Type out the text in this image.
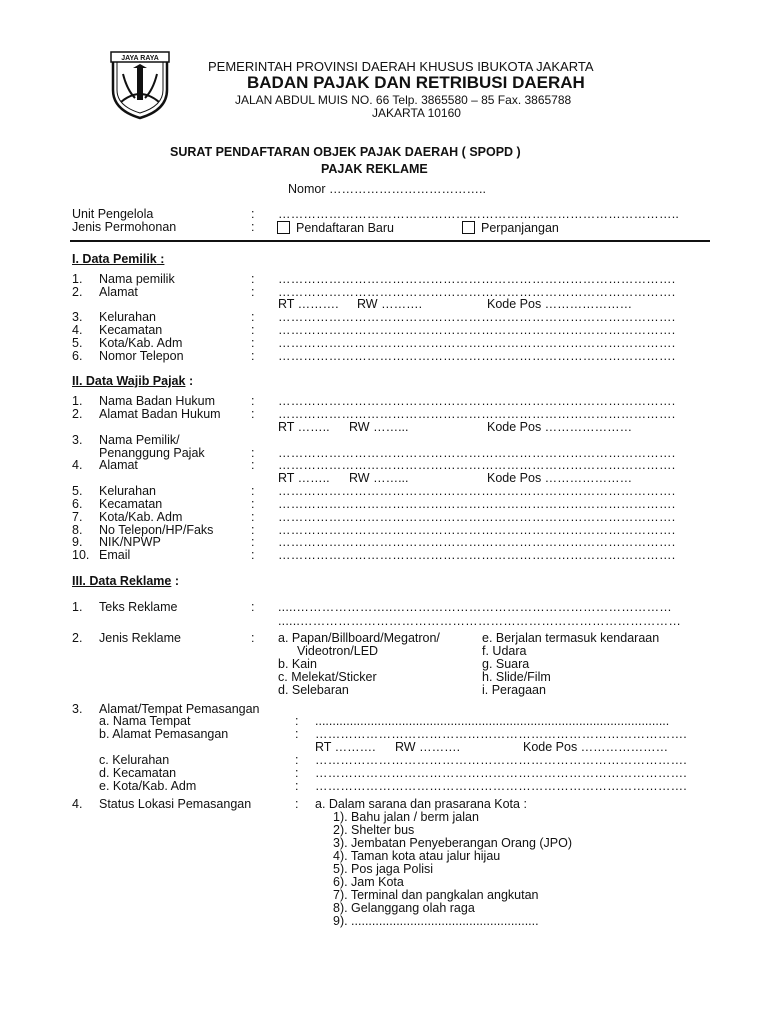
JAYA RAYA
PEMERINTAH PROVINSI DAERAH KHUSUS IBUKOTA JAKARTA
BADAN PAJAK DAN RETRIBUSI DAERAH
JALAN ABDUL MUIS NO. 66 Telp. 3865580 – 85 Fax. 3865788
JAKARTA 10160
SURAT PENDAFTARAN OBJEK PAJAK DAERAH ( SPOPD )
PAJAK REKLAME
Nomor ………………………………..
Unit Pengelola	: …………………………………………………………………………………..
Jenis Permohonan	:	Pendaftaran Baru	Perpanjangan
I. Data Pemilik :
1. Nama pemilik	: ………………………………………………………………………………….
2. Alamat	: ………………………………………………………………………………….
RT ………. RW ……….	Kode Pos …………………
3. Kelurahan	: ………………………………………………………………………………….
4. Kecamatan	: ………………………………………………………………………………….
5. Kota/Kab. Adm	: ………………………………………………………………………………….
6. Nomor Telepon	: ………………………………………………………………………………….
II. Data Wajib Pajak :
1. Nama Badan Hukum	: ………………………………………………………………………………….
2. Alamat Badan Hukum : ………………………………………………………………………………….
RT …….. RW ……...	Kode Pos …………………
3. Nama Pemilik/
Penanggung Pajak	: ………………………………………………………………………………….
4. Alamat	: ………………………………………………………………………………….
RT …….. RW ……...	Kode Pos …………………
5. Kelurahan	: ………………………………………………………………………………….
6. Kecamatan	: ………………………………………………………………………………….
7. Kota/Kab. Adm	: ………………………………………………………………………………….
8. No Telepon/HP/Faks	: ………………………………………………………………………………….
9. NIK/NPWP	: ………………………………………………………………………………….
10. Email	: ………………………………………………………………………………….
III. Data Reklame :
1. Teks Reklame	: .....…………………..…………………………………………………………
......………………………………………………………………………………
2. Jenis Reklame	: a. Papan/Billboard/Megatron/
Videotron/LED
b. Kain
c. Melekat/Sticker
d. Selebaran
e. Berjalan termasuk kendaraan
f. Udara
g. Suara
h. Slide/Film
i. Peragaan
3. Alamat/Tempat Pemasangan
a. Nama Tempat	: ......................................................................................................
b. Alamat Pemasangan	: …………………………………………………………………………….
RT ………. RW ……….	Kode Pos …………………
c. Kelurahan	: …………………………………………………………………………….
d. Kecamatan	: …………………………………………………………………………….
e. Kota/Kab. Adm	: …………………………………………………………………………….
4. Status Lokasi Pemasangan	: a. Dalam sarana dan prasarana Kota :
1). Bahu jalan / berm jalan
2). Shelter bus
3). Jembatan Penyeberangan Orang (JPO)
4). Taman kota atau jalur hijau
5). Pos jaga Polisi
6). Jam Kota
7). Terminal dan pangkalan angkutan
8). Gelanggang olah raga
9). ......................................................
